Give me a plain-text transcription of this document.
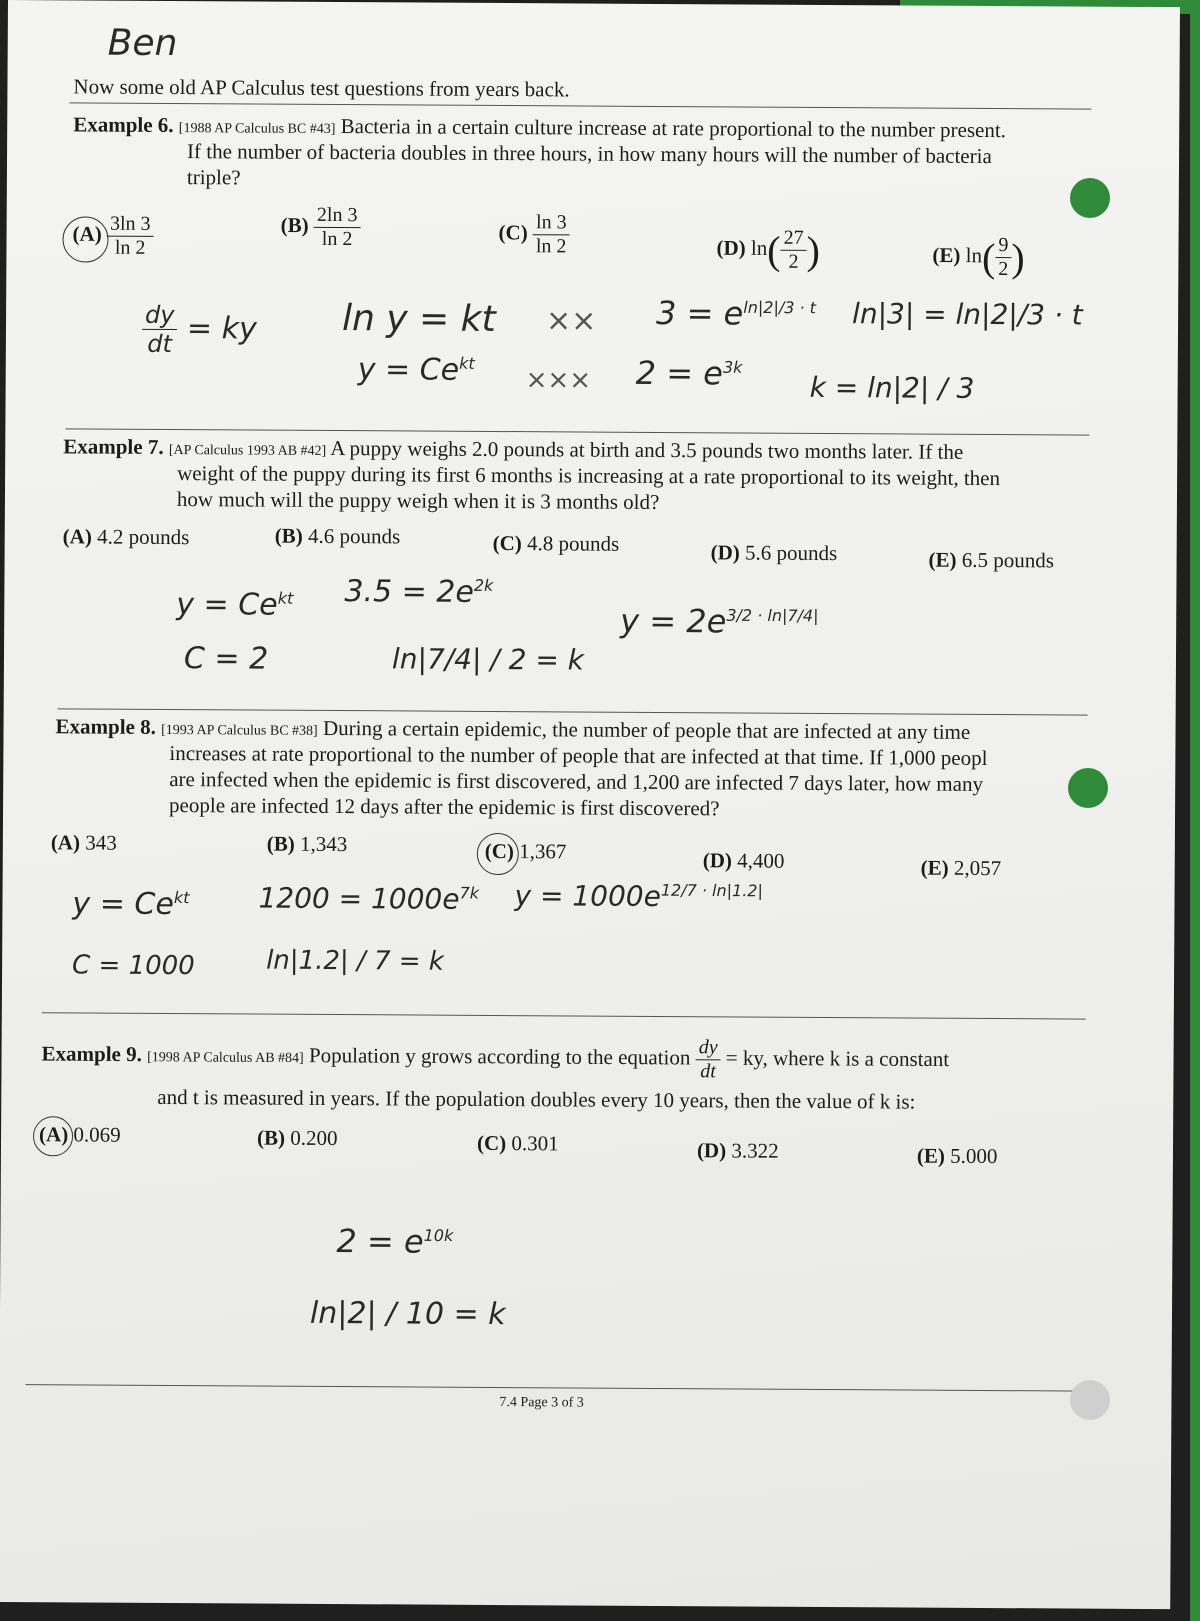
Ben
Now some old AP Calculus test questions from years back.
Example 6. [1988 AP Calculus BC #43] Bacteria in a certain culture increase at rate proportional to the number present.
If the number of bacteria doubles in three hours, in how many hours will the number of bacteria
triple?
$(A) \frac{3\ln 3}{\ln 2}$	$(B) \frac{2\ln 3}{\ln 2}$	$(C) \frac{\ln 3}{\ln 2}$	(D) $\ln( \frac{27}{2}$ )	(E) $\ln( \frac{9}{2}$ )
$\frac{dy}{dt}$ = ky ln y = kt
$y = Ce^{kt}$
⨯⨯ $3 = e^{ln|2|/3 \cdot t}$
⨯⨯⨯ $2 = e^{3k}$
ln|3| = ln|2|/3 · t
k = ln|2| / 3
Example 7. [AP Calculus 1993 AB #42] A puppy weighs 2.0 pounds at birth and 3.5 pounds two months later. If the
weight of the puppy during its first 6 months is increasing at a rate proportional to its weight, then
how much will the puppy weigh when it is 3 months old?
(A) 4.2 pounds	(B) 4.6 pounds	(C) 4.8 pounds	(D) 5.6 pounds	(E) 6.5 pounds
$y = Ce^{kt}$
C = 2
$3.5 = 2e^{2k}$
ln|7/4| / 2 = k
$y = 2e^{3/2 \cdot ln|7/4|}$
Example 8. [1993 AP Calculus BC #38] During a certain epidemic, the number of people that are infected at any time
increases at rate proportional to the number of people that are infected at that time. If 1,000 peopl
are infected when the epidemic is first discovered, and 1,200 are infected 7 days later, how many
people are infected 12 days after the epidemic is first discovered?
(A) 343	(B) 1,343	(C) 1,367	(D) 4,400	(E) 2,057
$y = Ce^{kt}$
C = 1000
$1200 = 1000e^{7k}$
ln|1.2| / 7 = k
$y = 1000e^{12/7 \cdot ln|1.2|}$
Example 9. [1998 AP Calculus AB #84] Population y grows according to the equation $\frac{dy}{dt}$ = ky, where k is a constant
and t is measured in years. If the population doubles every 10 years, then the value of k is:
(A) 0.069	(B) 0.200	(C) 0.301	(D) 3.322	(E) 5.000
$2 = e^{10k}$
ln|2| / 10 = k
7.4 Page 3 of 3
